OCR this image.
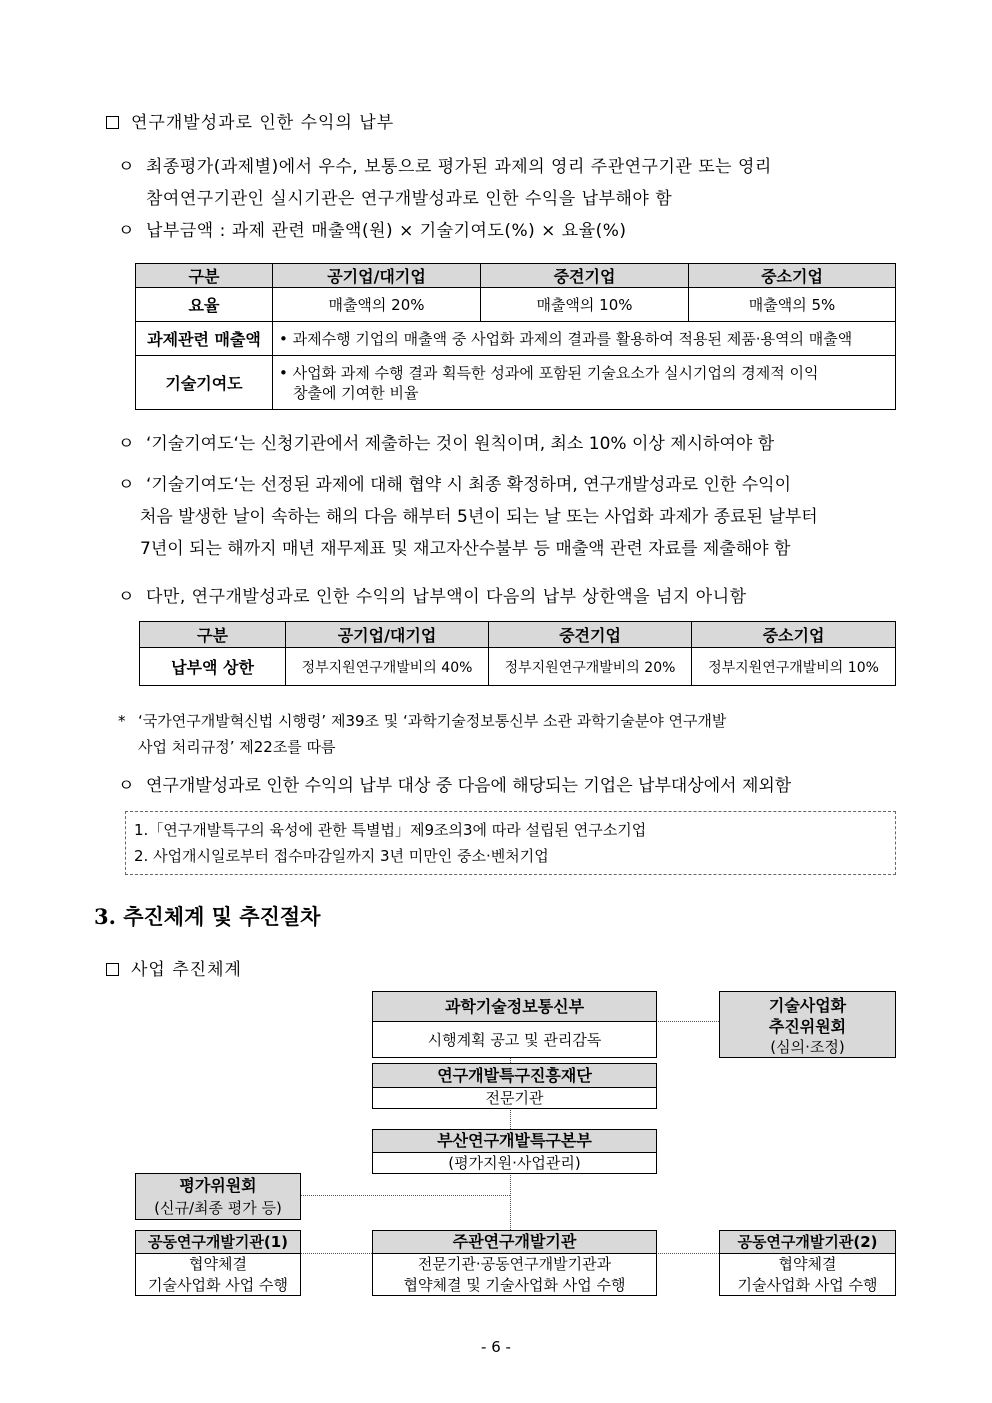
연구개발성과로 인한 수익의 납부
ㅇ 최종평가(과제별)에서 우수, 보통으로 평가된 과제의 영리 주관연구기관 또는 영리
참여연구기관인 실시기관은 연구개발성과로 인한 수익을 납부해야 함
ㅇ 납부금액 : 과제 관련 매출액(원) × 기술기여도(%) × 요율(%)
구분	공기업/대기업	중견기업	중소기업
요율	매출액의 20%	매출액의 10%	매출액의 5%
과제관련 매출액	• 과제수행 기업의 매출액 중 사업화 과제의 결과를 활용하여 적용된 제품·용역의 매출액		
기술기여도	• 사업화 과제 수행 결과 획득한 성과에 포함된 기술요소가 실시기업의 경제적 이익
창출에 기여한 비율		
ㅇ ‘기술기여도‘는 신청기관에서 제출하는 것이 원칙이며, 최소 10% 이상 제시하여야 함
ㅇ ‘기술기여도‘는 선정된 과제에 대해 협약 시 최종 확정하며, 연구개발성과로 인한 수익이
처음 발생한 날이 속하는 해의 다음 해부터 5년이 되는 날 또는 사업화 과제가 종료된 날부터
7년이 되는 해까지 매년 재무제표 및 재고자산수불부 등 매출액 관련 자료를 제출해야 함
ㅇ 다만, 연구개발성과로 인한 수익의 납부액이 다음의 납부 상한액을 넘지 아니함
구분	공기업/대기업	중견기업	중소기업
납부액 상한	정부지원연구개발비의 40%	정부지원연구개발비의 20%	정부지원연구개발비의 10%
* ‘국가연구개발혁신법 시행령’ 제39조 및 ‘과학기술정보통신부 소관 과학기술분야 연구개발
사업 처리규정’ 제22조를 따름
ㅇ 연구개발성과로 인한 수익의 납부 대상 중 다음에 해당되는 기업은 납부대상에서 제외함
1.「연구개발특구의 육성에 관한 특별법」제9조의3에 따라 설립된 연구소기업
2. 사업개시일로부터 접수마감일까지 3년 미만인 중소·벤처기업
3. 추진체계 및 추진절차
사업 추진체계
과학기술정보통신부
시행계획 공고 및 관리감독
기술사업화
추진위원회
(심의·조정)
연구개발특구진흥재단
전문기관
부산연구개발특구본부
(평가지원·사업관리)
평가위원회
(신규/최종 평가 등)
공동연구개발기관(1)
협약체결
기술사업화 사업 수행
주관연구개발기관
전문기관·공동연구개발기관과
협약체결 및 기술사업화 사업 수행
공동연구개발기관(2)
협약체결
기술사업화 사업 수행
- 6 -
